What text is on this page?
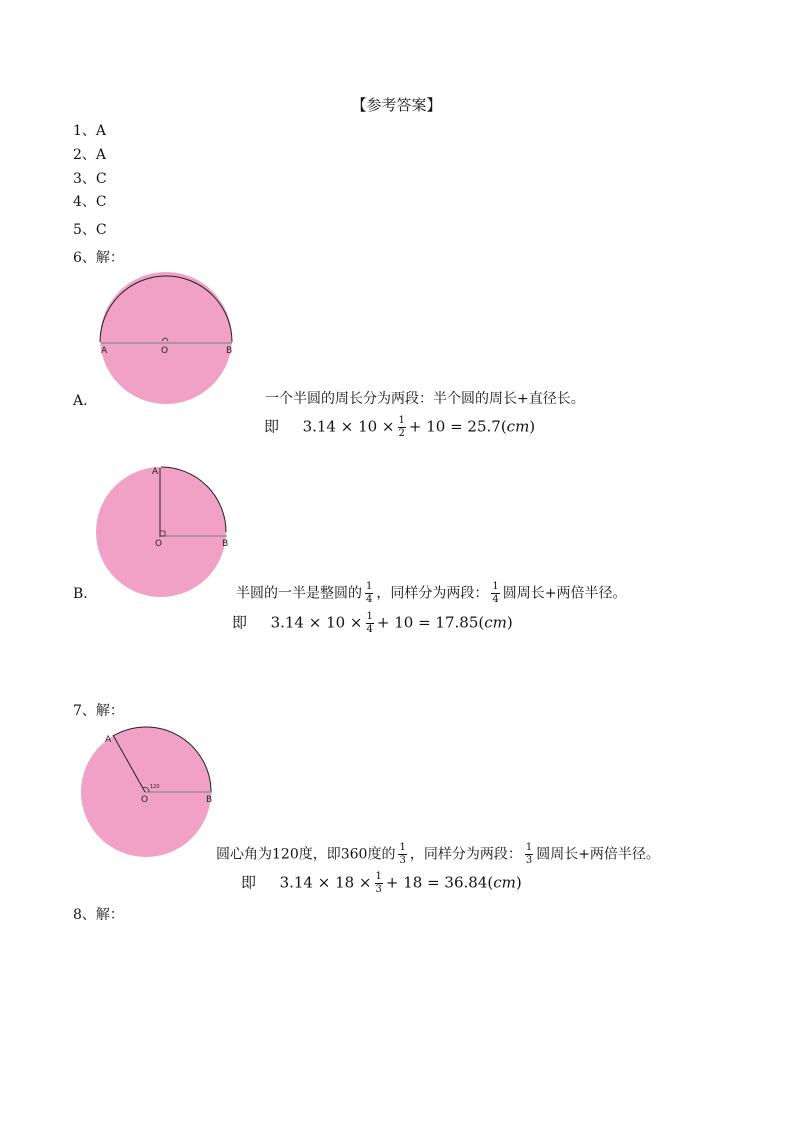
【参考答案】
1、A
2、A
3、C
4、C
5、C
6、解：
A	O	B
A.	一个半圆的周长分为两段：半个圆的周长+直径长。
即 $3.14 \times 10 \times \frac{1}{2} + 10 = 25.7(cm)$
A
O	B
B.	半圆的一半是整圆的 $\frac{1}{4}$ ，同样分为两段： $\frac{1}{4}$ 圆周长+两倍半径。
即 $3.14 \times 10 \times \frac{1}{4} + 10 = 17.85(cm)$
7、解：
A
O	B
120
圆心角为120度，即360度的 $\frac{1}{3}$ ，同样分为两段： $\frac{1}{3}$ 圆周长+两倍半径。
即 $3.14 \times 18 \times \frac{1}{3} + 18 = 36.84(cm)$
8、解：
